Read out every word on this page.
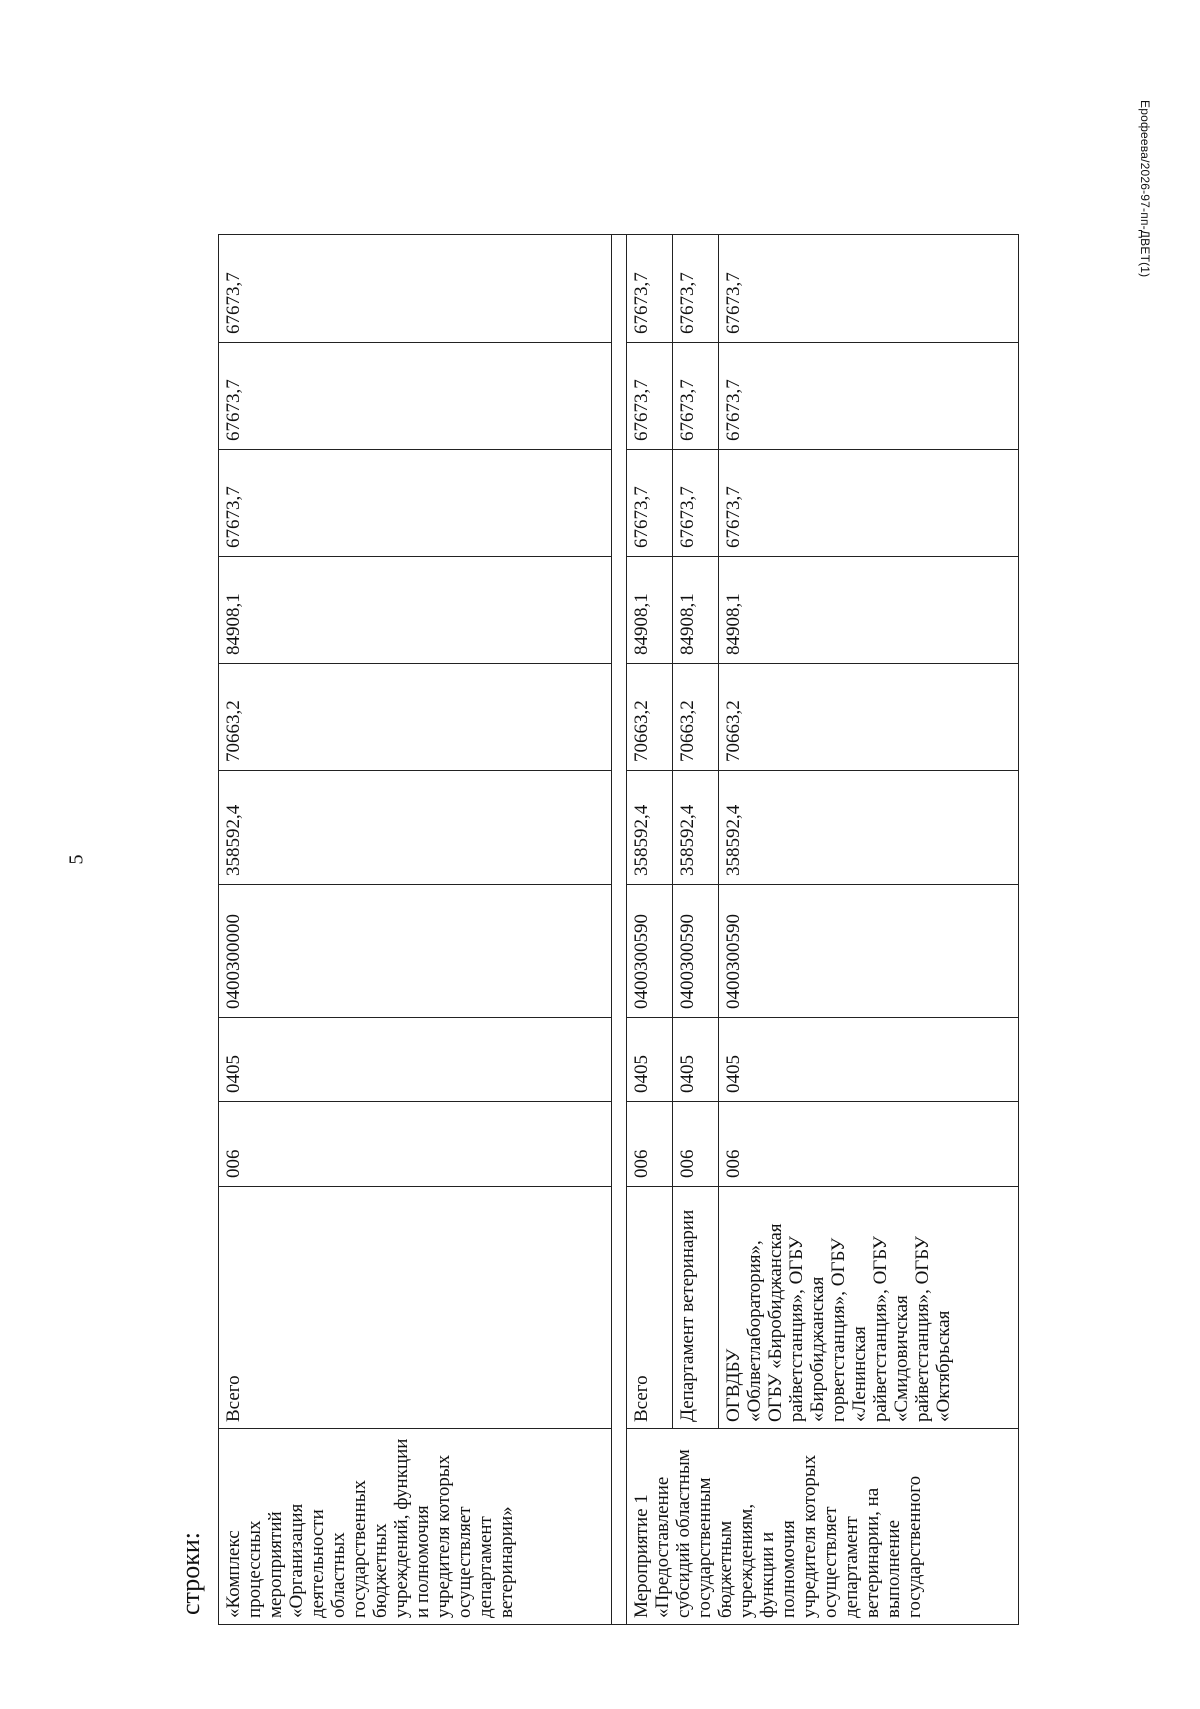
5
Ерофеева/2026-97-пп-ДВЕТ(1)
строки: «Комплекс процессных мероприятий «Организация деятельности областных государственных бюджетных учреждений, функции и полномочия учредителя которых осуществляет департамент ветеринарии»	Всего	006	0405	0400300000	358592,4	70663,2	84908,1	67673,7	67673,7	67673,7

Мероприятие 1 «Предоставление субсидий областным государственным бюджетным учреждениям, функции и полномочия учредителя которых осуществляет департамент ветеринарии, на выполнение государственного	Всего	006	0405	0400300590	358592,4	70663,2	84908,1	67673,7	67673,7	67673,7
	Департамент ветеринарии	006	0405	0400300590	358592,4	70663,2	84908,1	67673,7	67673,7	67673,7
	ОГВДБУ «Облветлаборатория», ОГБУ «Биробиджанская райветстанция», ОГБУ «Биробиджанская горветстанция», ОГБУ «Ленинская райветстанция», ОГБУ «Смидовичская райветстанция», ОГБУ «Октябрьская	006	0405	0400300590	358592,4	70663,2	84908,1	67673,7	67673,7	67673,7
